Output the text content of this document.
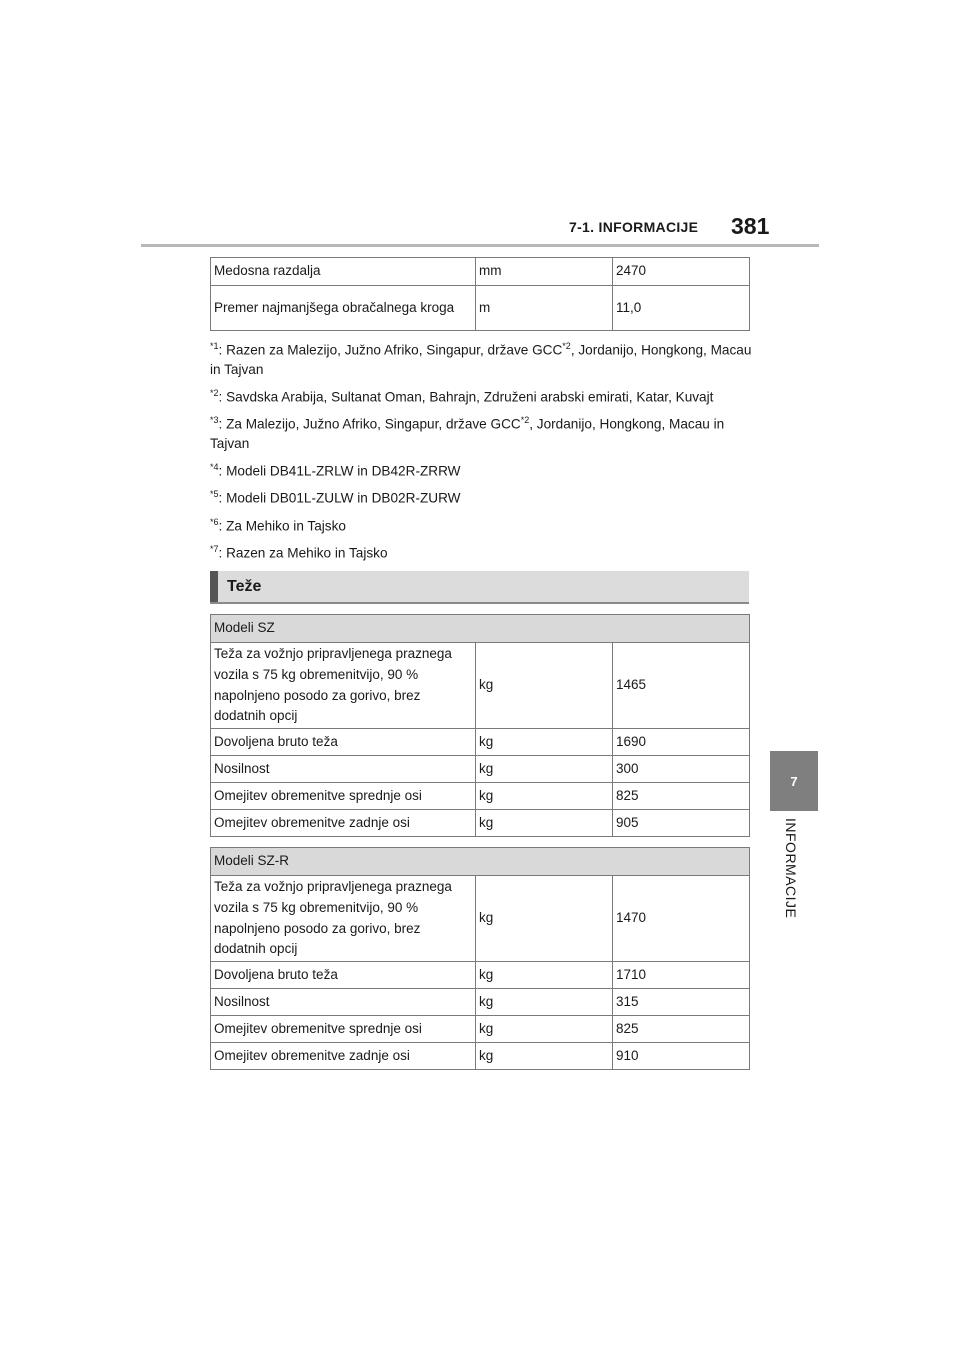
7-1. INFORMACIJE 381
7
INFORMACIJE
Medosna razdalja	mm	2470
Premer najmanjšega obračalnega kroga	m	11,0
$^{*1}$: Razen za Malezijo, Južno Afriko, Singapur, države GCC$^{*2}$, Jordanijo, Hongkong, Macau in Tajvan
$^{*2}$: Savdska Arabija, Sultanat Oman, Bahrajn, Združeni arabski emirati, Katar, Kuvajt
$^{*3}$: Za Malezijo, Južno Afriko, Singapur, države GCC$^{*2}$, Jordanijo, Hongkong, Macau in Tajvan
$^{*4}$: Modeli DB41L-ZRLW in DB42R-ZRRW
$^{*5}$: Modeli DB01L-ZULW in DB02R-ZURW
$^{*6}$: Za Mehiko in Tajsko
$^{*7}$: Razen za Mehiko in Tajsko
Teže
Modeli SZ		
Teža za vožnjo pripravljenega praznega vozila s 75 kg obremenitvijo, 90 % napolnjeno posodo za gorivo, brez dodatnih opcij	kg	1465
Dovoljena bruto teža	kg	1690
Nosilnost	kg	300
Omejitev obremenitve sprednje osi	kg	825
Omejitev obremenitve zadnje osi	kg	905
Modeli SZ-R		
Teža za vožnjo pripravljenega praznega vozila s 75 kg obremenitvijo, 90 % napolnjeno posodo za gorivo, brez dodatnih opcij	kg	1470
Dovoljena bruto teža	kg	1710
Nosilnost	kg	315
Omejitev obremenitve sprednje osi	kg	825
Omejitev obremenitve zadnje osi	kg	910
